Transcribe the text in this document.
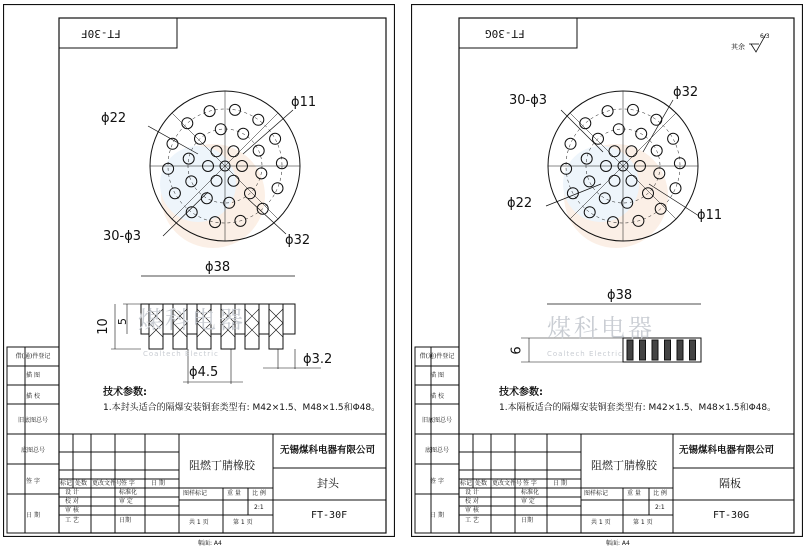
煤科电器
Coaltech Electric
FT-30F
ϕ22
ϕ11
30-ϕ3	ϕ32
ϕ38
10 5
ϕ4.5
ϕ3.2
技术参数:
1.本封头适合的隔爆安装铜套类型有: M42×1.5、M48×1.5和Φ48。
借(通)件登记
描 图
描 校
旧底图总号
底图总号
签 字
日 期
标记 处数 更改文件号
签 字	日 期
设 计
校 对
审 核
工 艺
标准化
审 定
日期
阻燃丁腈橡胶
图样标记	重 量 比 例
2:1
共 1 页	第 1 页
无锡煤科电器有限公司
封头
FT-30F
幅面: A4
煤科电器
Coaltech Electric
FT-30G
其余
6.3
30-ϕ3
ϕ32
ϕ22
ϕ11
ϕ38
6
技术参数:
1.本隔板适合的隔爆安装铜套类型有: M42×1.5、M48×1.5和Φ48。
借(通)件登记
描 图
描 校
旧底图总号
底图总号
签 字
日 期
标记 处数 更改文件号 签 字	日 期
设 计
校 对
审 核
工 艺
标准化
审 定
日期
阻燃丁腈橡胶
图样标记	重 量 比 例
2:1
共 1 页	第 1 页
无锡煤科电器有限公司
隔板
FT-30G
幅面: A4
